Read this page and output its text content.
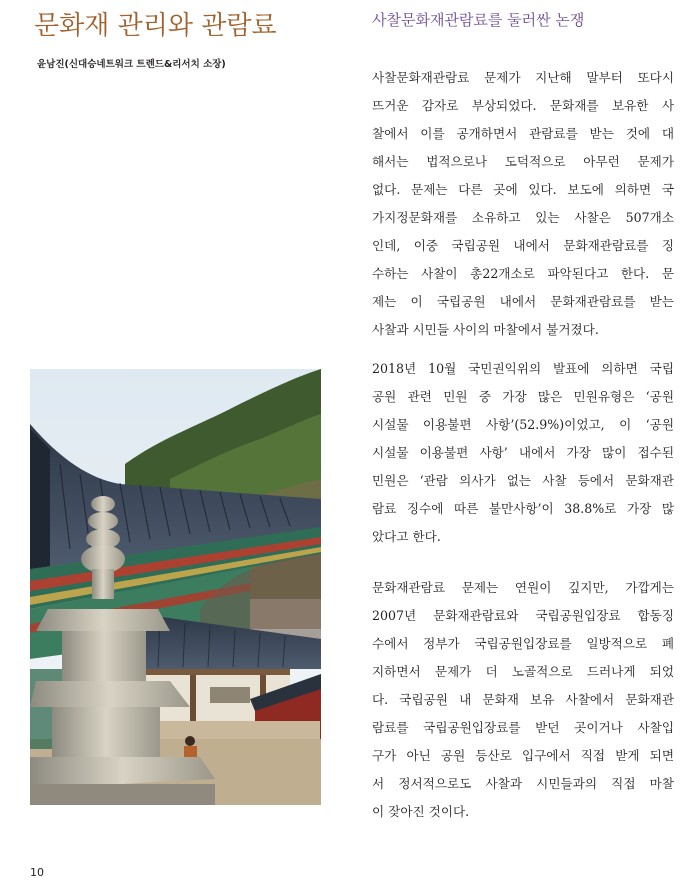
문화재 관리와 관람료
윤남진(신대승네트워크 트렌드&리서치 소장)
사찰문화재관람료를 둘러싼 논쟁
사찰문화재관람료 문제가 지난해 말부터 또다시
뜨거운 감자로 부상되었다. 문화재를 보유한 사
찰에서 이를 공개하면서 관람료를 받는 것에 대
해서는 법적으로나 도덕적으로 아무런 문제가
없다. 문제는 다른 곳에 있다. 보도에 의하면 국
가지정문화재를 소유하고 있는 사찰은 507개소
인데, 이중 국립공원 내에서 문화재관람료를 징
수하는 사찰이 총22개소로 파악된다고 한다. 문
제는 이 국립공원 내에서 문화재관람료를 받는
사찰과 시민들 사이의 마찰에서 불거졌다.
2018년 10월 국민권익위의 발표에 의하면 국립
공원 관련 민원 중 가장 많은 민원유형은 ‘공원
시설물 이용불편 사항’(52.9%)이었고, 이 ‘공원
시설물 이용불편 사항’ 내에서 가장 많이 접수된
민원은 ‘관람 의사가 없는 사찰 등에서 문화재관
람료 징수에 따른 불만사항’이 38.8%로 가장 많
았다고 한다.
문화재관람료 문제는 연원이 깊지만, 가깝게는
2007년 문화재관람료와 국립공원입장료 합동징
수에서 정부가 국립공원입장료를 일방적으로 폐
지하면서 문제가 더 노골적으로 드러나게 되었
다. 국립공원 내 문화재 보유 사찰에서 문화재관
람료를 국립공원입장료를 받던 곳이거나 사찰입
구가 아닌 공원 등산로 입구에서 직접 받게 되면
서 정서적으로도 사찰과 시민들과의 직접 마찰
이 잦아진 것이다.
10
